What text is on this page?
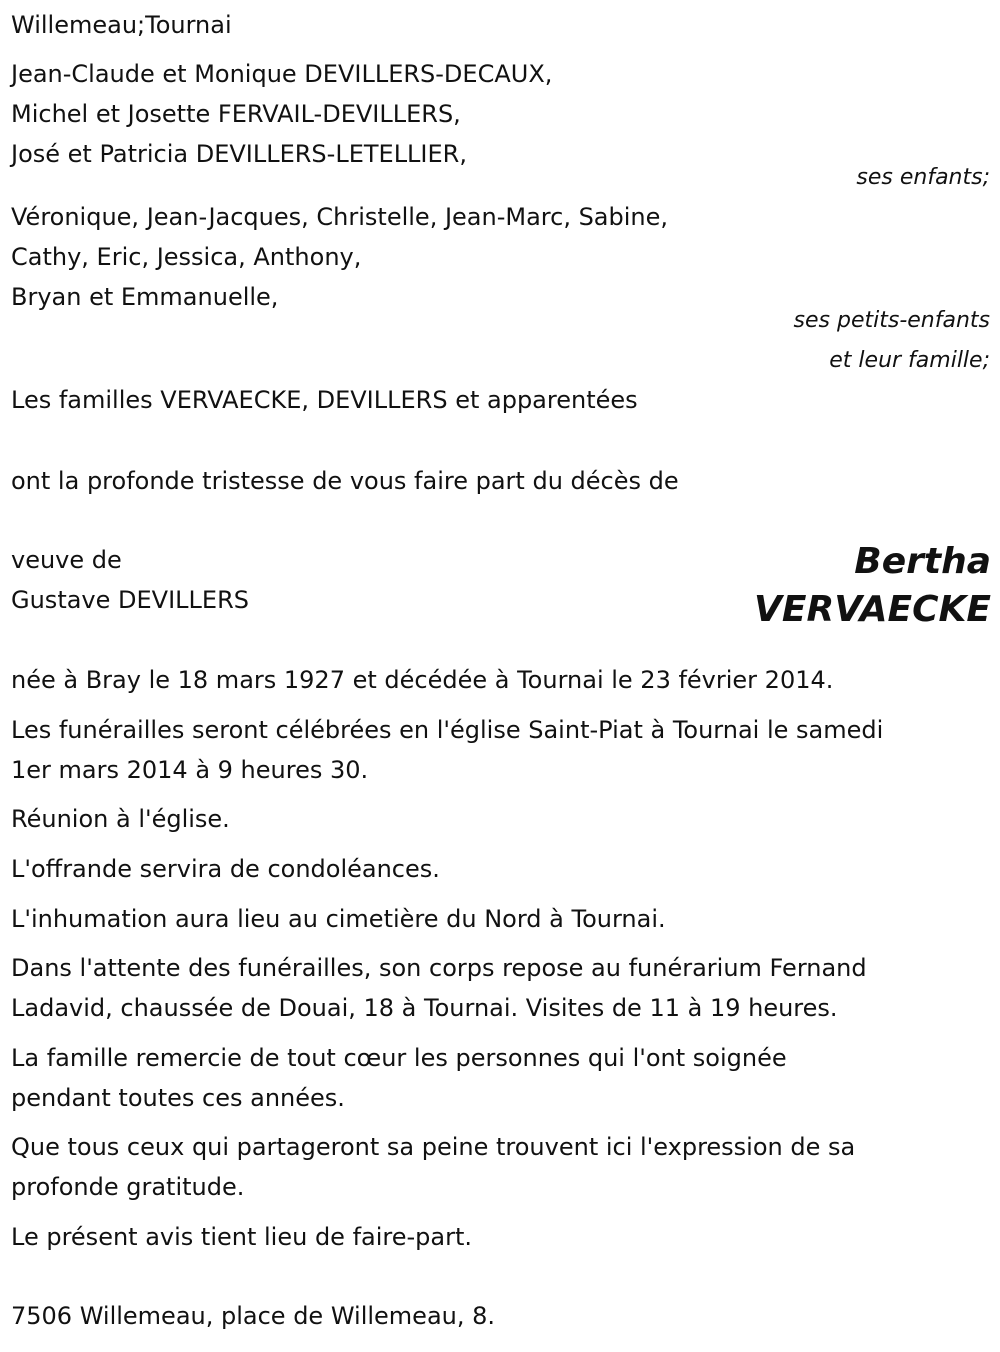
Willemeau;Tournai

Jean-Claude et Monique DEVILLERS-DECAUX,

Michel et Josette FERVAIL-DEVILLERS,

José et Patricia DEVILLERS-LETELLIER,

ses enfants;

Véronique, Jean-Jacques, Christelle, Jean-Marc, Sabine,

Cathy, Eric, Jessica, Anthony,

Bryan et Emmanuelle,

ses petits-enfants

et leur famille;

Les familles VERVAECKE, DEVILLERS et apparentées

ont la profonde tristesse de vous faire part du décès de

veuve de

Gustave DEVILLERS

Bertha

VERVAECKE

née à Bray le 18 mars 1927 et décédée à Tournai le 23 février 2014.

Les funérailles seront célébrées en l'église Saint-Piat à Tournai le samedi

1er mars 2014 à 9 heures 30.

Réunion à l'église.

L'offrande servira de condoléances.

L'inhumation aura lieu au cimetière du Nord à Tournai.

Dans l'attente des funérailles, son corps repose au funérarium Fernand

Ladavid, chaussée de Douai, 18 à Tournai. Visites de 11 à 19 heures.

La famille remercie de tout cœur les personnes qui l'ont soignée

pendant toutes ces années.

Que tous ceux qui partageront sa peine trouvent ici l'expression de sa

profonde gratitude.

Le présent avis tient lieu de faire-part.

7506 Willemeau, place de Willemeau, 8.
